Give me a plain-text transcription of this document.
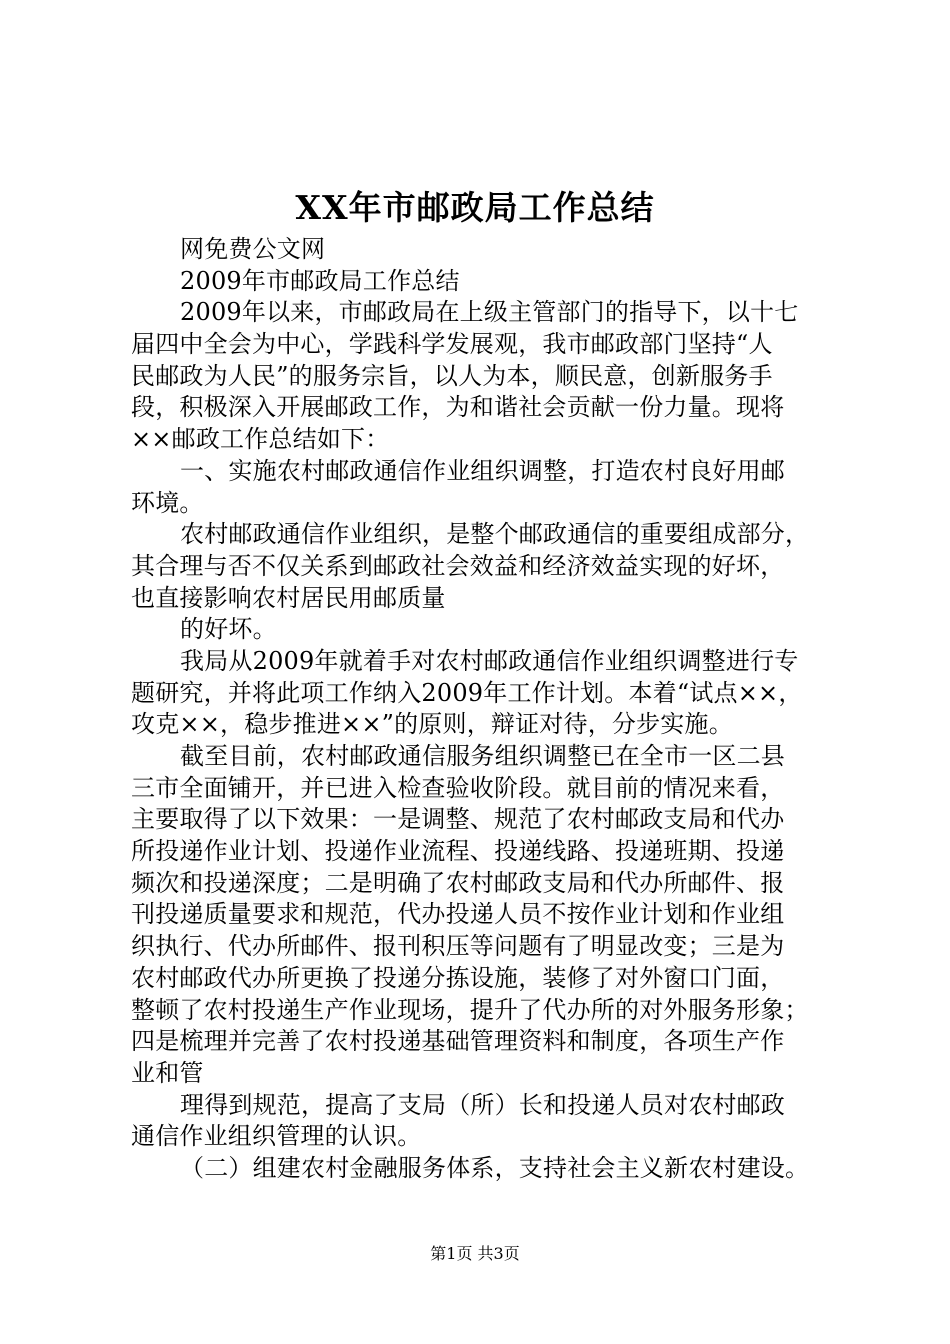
XX年市邮政局工作总结
网免费公文网
2009年市邮政局工作总结
2009年以来，市邮政局在上级主管部门的指导下，以十七
届四中全会为中心，学践科学发展观，我市邮政部门坚持“人
民邮政为人民”的服务宗旨，以人为本，顺民意，创新服务手
段，积极深入开展邮政工作，为和谐社会贡献一份力量。现将
××邮政工作总结如下：
一、实施农村邮政通信作业组织调整，打造农村良好用邮
环境。
农村邮政通信作业组织，是整个邮政通信的重要组成部分，
其合理与否不仅关系到邮政社会效益和经济效益实现的好坏，
也直接影响农村居民用邮质量
的好坏。
我局从2009年就着手对农村邮政通信作业组织调整进行专
题研究，并将此项工作纳入2009年工作计划。本着“试点××，
攻克××，稳步推进××”的原则，辩证对待，分步实施。
截至目前，农村邮政通信服务组织调整已在全市一区二县
三市全面铺开，并已进入检查验收阶段。就目前的情况来看，
主要取得了以下效果：一是调整、规范了农村邮政支局和代办
所投递作业计划、投递作业流程、投递线路、投递班期、投递
频次和投递深度；二是明确了农村邮政支局和代办所邮件、报
刊投递质量要求和规范，代办投递人员不按作业计划和作业组
织执行、代办所邮件、报刊积压等问题有了明显改变；三是为
农村邮政代办所更换了投递分拣设施，装修了对外窗口门面，
整顿了农村投递生产作业现场，提升了代办所的对外服务形象；
四是梳理并完善了农村投递基础管理资料和制度，各项生产作
业和管
理得到规范，提高了支局（所）长和投递人员对农村邮政
通信作业组织管理的认识。
（二）组建农村金融服务体系，支持社会主义新农村建设。
第1页 共3页
